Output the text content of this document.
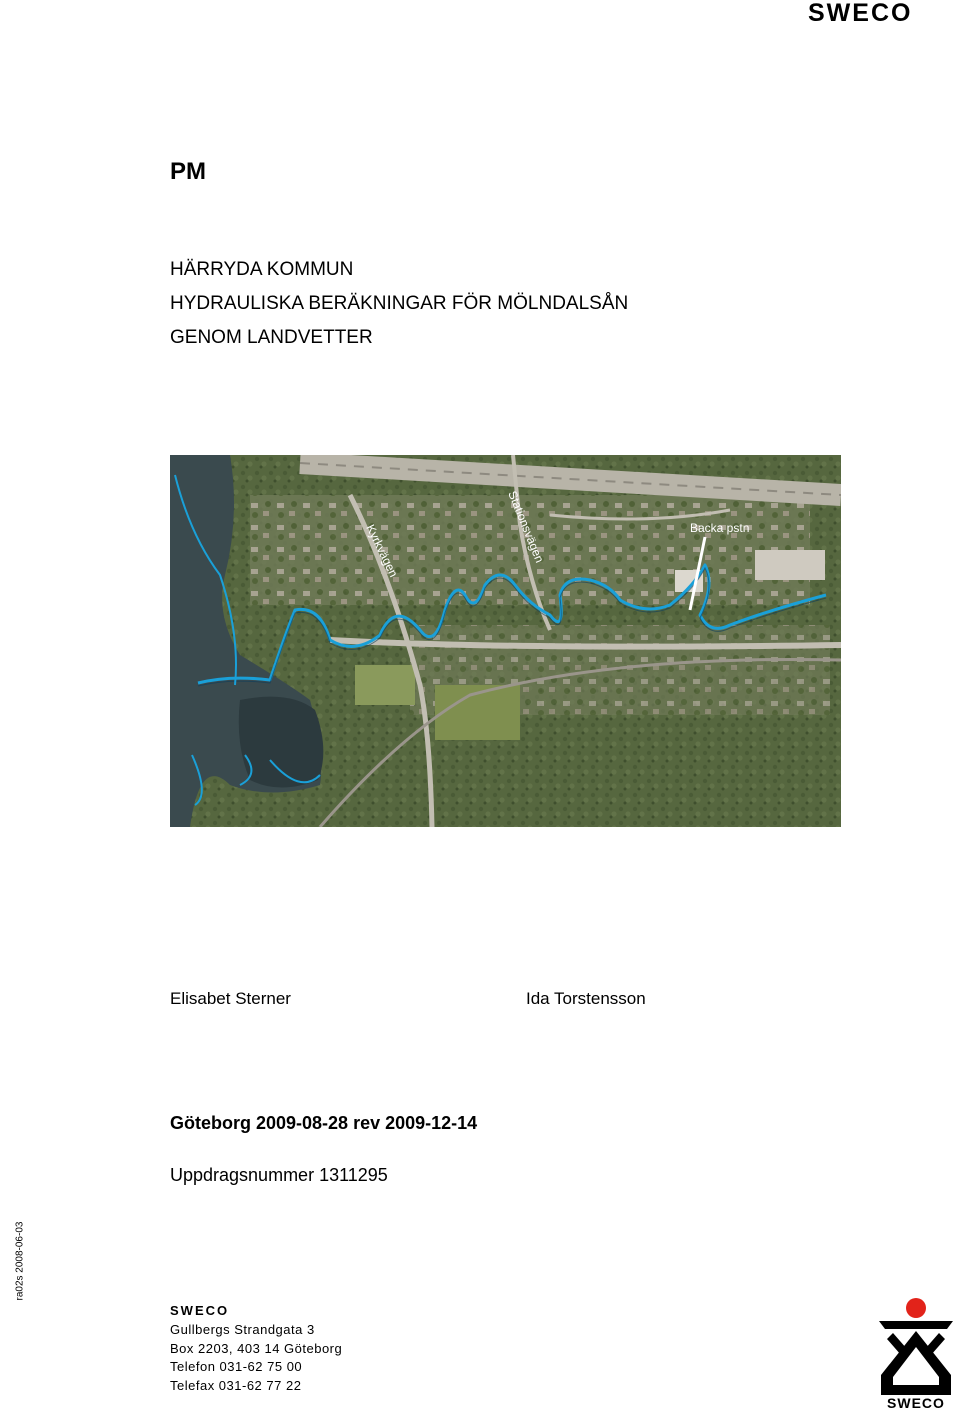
SWECO
PM
HÄRRYDA KOMMUN
HYDRAULISKA BERÄKNINGAR FÖR MÖLNDALSÅN
GENOM LANDVETTER
Backa pstn
Kyrkvägen	Stationsvägen
Elisabet Sterner	Ida Torstensson
Göteborg 2009-08-28 rev 2009-12-14
Uppdragsnummer 1311295
ra02s 2008-06-03
SWECO
Gullbergs Strandgata 3
Box 2203, 403 14 Göteborg
Telefon 031-62 75 00
Telefax 031-62 77 22
SWECO
